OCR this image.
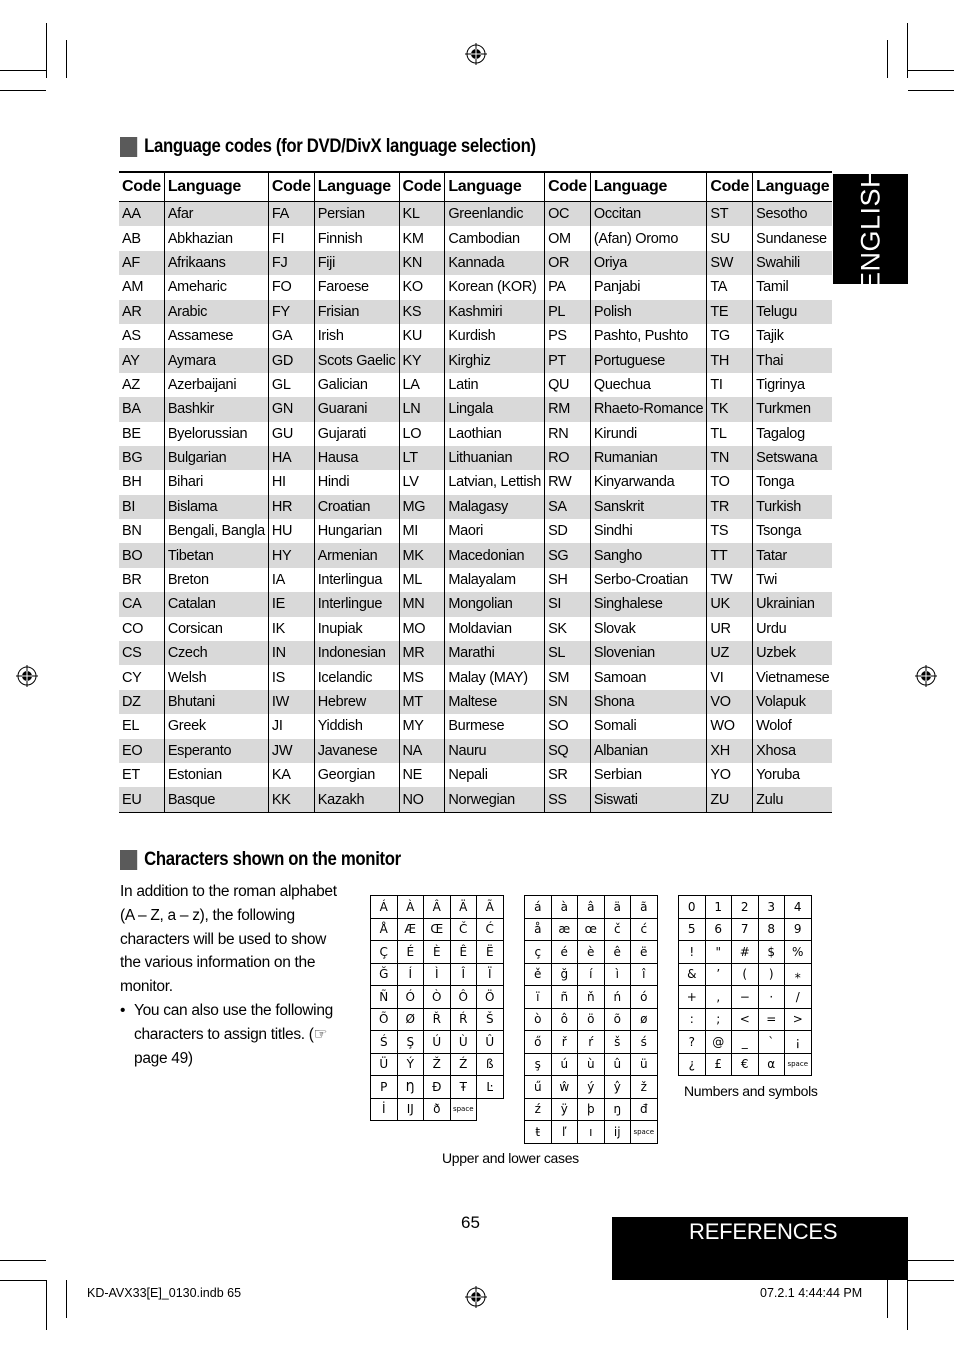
ENGLISH
Language codes (for DVD/DivX language selection)
Code	Language	Code	Language	Code	Language	Code	Language	Code	Language
AA	Afar	FA	Persian	KL	Greenlandic	OC	Occitan	ST	Sesotho
AB	Abkhazian	FI	Finnish	KM	Cambodian	OM	(Afan) Oromo	SU	Sundanese
AF	Afrikaans	FJ	Fiji	KN	Kannada	OR	Oriya	SW	Swahili
AM	Ameharic	FO	Faroese	KO	Korean (KOR)	PA	Panjabi	TA	Tamil
AR	Arabic	FY	Frisian	KS	Kashmiri	PL	Polish	TE	Telugu
AS	Assamese	GA	Irish	KU	Kurdish	PS	Pashto, Pushto	TG	Tajik
AY	Aymara	GD	Scots Gaelic	KY	Kirghiz	PT	Portuguese	TH	Thai
AZ	Azerbaijani	GL	Galician	LA	Latin	QU	Quechua	TI	Tigrinya
BA	Bashkir	GN	Guarani	LN	Lingala	RM	Rhaeto-Romance	TK	Turkmen
BE	Byelorussian	GU	Gujarati	LO	Laothian	RN	Kirundi	TL	Tagalog
BG	Bulgarian	HA	Hausa	LT	Lithuanian	RO	Rumanian	TN	Setswana
BH	Bihari	HI	Hindi	LV	Latvian, Lettish	RW	Kinyarwanda	TO	Tonga
BI	Bislama	HR	Croatian	MG	Malagasy	SA	Sanskrit	TR	Turkish
BN	Bengali, Bangla	HU	Hungarian	MI	Maori	SD	Sindhi	TS	Tsonga
BO	Tibetan	HY	Armenian	MK	Macedonian	SG	Sangho	TT	Tatar
BR	Breton	IA	Interlingua	ML	Malayalam	SH	Serbo-Croatian	TW	Twi
CA	Catalan	IE	Interlingue	MN	Mongolian	SI	Singhalese	UK	Ukrainian
CO	Corsican	IK	Inupiak	MO	Moldavian	SK	Slovak	UR	Urdu
CS	Czech	IN	Indonesian	MR	Marathi	SL	Slovenian	UZ	Uzbek
CY	Welsh	IS	Icelandic	MS	Malay (MAY)	SM	Samoan	VI	Vietnamese
DZ	Bhutani	IW	Hebrew	MT	Maltese	SN	Shona	VO	Volapuk
EL	Greek	JI	Yiddish	MY	Burmese	SO	Somali	WO	Wolof
EO	Esperanto	JW	Javanese	NA	Nauru	SQ	Albanian	XH	Xhosa
ET	Estonian	KA	Georgian	NE	Nepali	SR	Serbian	YO	Yoruba
EU	Basque	KK	Kazakh	NO	Norwegian	SS	Siswati	ZU	Zulu
Characters shown on the monitor
In addition to the roman alphabet (A – Z, a – z), the following characters will be used to show the various information on the monitor.
• You can also use the following characters to assign titles. (☞ page 49)
Á	À	Â	Ä	Ã
Å	Æ	Œ	Č	Ć
Ç	É	È	Ê	Ë
Ğ	Í	Ì	Î	Ï
Ñ	Ó	Ò	Ô	Ö
Õ	Ø	Ř	Ŕ	Š
Ś	Ş	Ú	Ù	Û
Ü	Ý	Ž	Ź	ß
Р	Ŋ	Ð	Ŧ	Ŀ
İ	IJ	ð	space	
á	à	â	ä	ã
å	æ	œ	č	ć
ç	é	è	ê	ë
ě	ğ	í	ì	î
ï	ñ	ň	ń	ó
ò	ô	ö	õ	ø
ő	ř	ŕ	š	ś
ş	ú	ù	û	ü
ű	ŵ	ý	ŷ	ž
ź	ÿ	þ	ŋ	đ
ŧ	ľ	ı	ij	space
0	1	2	3	4
5	6	7	8	9
!	"	#	$	%
&	’	(	)	⁎
+	,	−	·	/
:	;	<	=	>
?	@	_	`	¡
¿	£	€	α	space
Upper and lower cases
Numbers and symbols
65	REFERENCES
KD-AVX33[E]_0130.indb 65	07.2.1 4:44:44 PM
